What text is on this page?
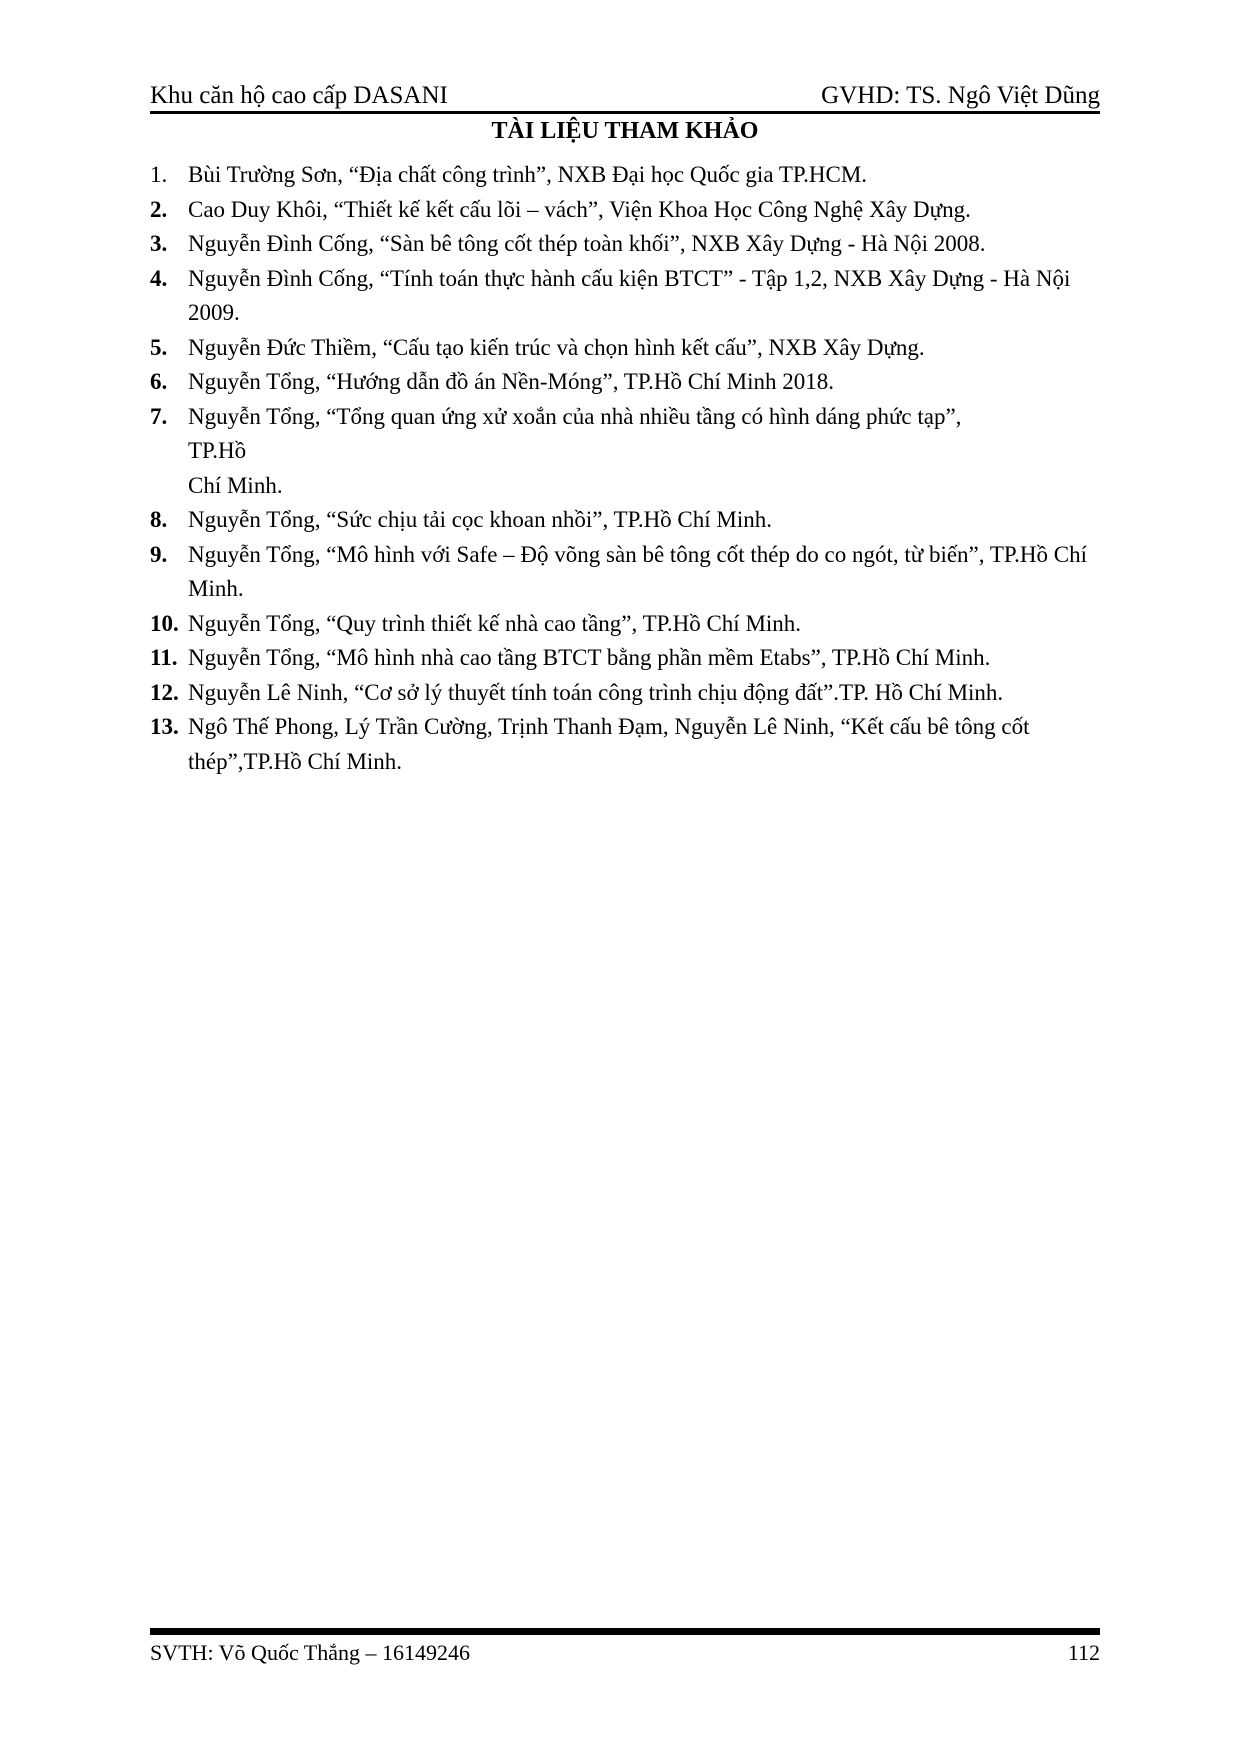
Khu căn hộ cao cấp DASANI	GVHD: TS. Ngô Việt Dũng
TÀI LIỆU THAM KHẢO
1. Bùi Trường Sơn, “Địa chất công trình”, NXB Đại học Quốc gia TP.HCM.
2. Cao Duy Khôi, “Thiết kế kết cấu lõi – vách”, Viện Khoa Học Công Nghệ Xây Dựng.
3. Nguyễn Đình Cống, “Sàn bê tông cốt thép toàn khối”, NXB Xây Dựng - Hà Nội 2008.
4. Nguyễn Đình Cống, “Tính toán thực hành cấu kiện BTCT” - Tập 1,2, NXB Xây Dựng - Hà Nội 2009.
5. Nguyễn Đức Thiềm, “Cấu tạo kiến trúc và chọn hình kết cấu”, NXB Xây Dựng.
6. Nguyễn Tổng, “Hướng dẫn đồ án Nền-Móng”, TP.Hồ Chí Minh 2018.
7. Nguyễn Tổng, “Tổng quan ứng xử xoắn của nhà nhiều tầng có hình dáng phức tạp”,
TP.Hồ
Chí Minh.
8. Nguyễn Tổng, “Sức chịu tải cọc khoan nhồi”, TP.Hồ Chí Minh.
9. Nguyễn Tổng, “Mô hình với Safe – Độ võng sàn bê tông cốt thép do co ngót, từ biến”, TP.Hồ Chí Minh.
10. Nguyễn Tổng, “Quy trình thiết kế nhà cao tầng”, TP.Hồ Chí Minh.
11. Nguyễn Tổng, “Mô hình nhà cao tầng BTCT bằng phần mềm Etabs”, TP.Hồ Chí Minh.
12. Nguyễn Lê Ninh, “Cơ sở lý thuyết tính toán công trình chịu động đất”.TP. Hồ Chí Minh.
13. Ngô Thế Phong, Lý Trần Cường, Trịnh Thanh Đạm, Nguyễn Lê Ninh, “Kết cấu bê tông cốt thép”,TP.Hồ Chí Minh.
SVTH: Võ Quốc Thắng – 16149246	112
